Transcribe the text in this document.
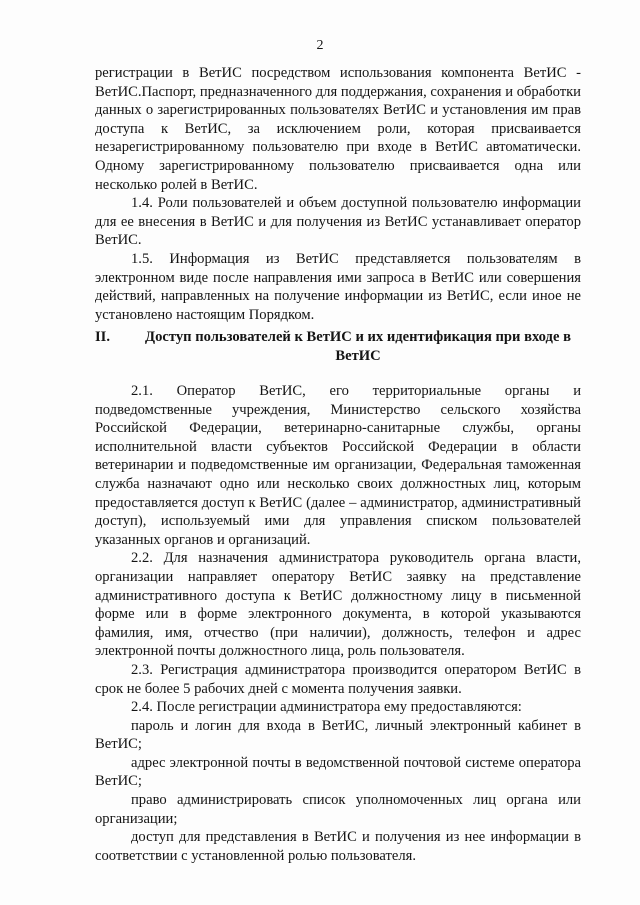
2

регистрации в ВетИС посредством использования компонента ВетИС - ВетИС.Паспорт, предназначенного для поддержания, сохранения и обработки данных о зарегистрированных пользователях ВетИС и установления им прав доступа к ВетИС, за исключением роли, которая присваивается незарегистрированному пользователю при входе в ВетИС автоматически. Одному зарегистрированному пользователю присваивается одна или несколько ролей в ВетИС.

1.4. Роли пользователей и объем доступной пользователю информации для ее внесения в ВетИС и для получения из ВетИС устанавливает оператор ВетИС.

1.5. Информация из ВетИС представляется пользователям в электронном виде после направления ими запроса в ВетИС или совершения действий, направленных на получение информации из ВетИС, если иное не установлено настоящим Порядком.

II.	Доступ пользователей к ВетИС и их идентификация при входе в ВетИС

2.1. Оператор ВетИС, его территориальные органы и подведомственные учреждения, Министерство сельского хозяйства Российской Федерации, ветеринарно-санитарные службы, органы исполнительной власти субъектов Российской Федерации в области ветеринарии и подведомственные им организации, Федеральная таможенная служба назначают одно или несколько своих должностных лиц, которым предоставляется доступ к ВетИС (далее – администратор, административный доступ), используемый ими для управления списком пользователей указанных органов и организаций.

2.2. Для назначения администратора руководитель органа власти, организации направляет оператору ВетИС заявку на представление административного доступа к ВетИС должностному лицу в письменной форме или в форме электронного документа, в которой указываются фамилия, имя, отчество (при наличии), должность, телефон и адрес электронной почты должностного лица, роль пользователя.

2.3. Регистрация администратора производится оператором ВетИС в срок не более 5 рабочих дней с момента получения заявки.

2.4. После регистрации администратора ему предоставляются:

пароль и логин для входа в ВетИС, личный электронный кабинет в ВетИС;

адрес электронной почты в ведомственной почтовой системе оператора ВетИС;

право администрировать список уполномоченных лиц органа или организации;

доступ для представления в ВетИС и получения из нее информации в соответствии с установленной ролью пользователя.
